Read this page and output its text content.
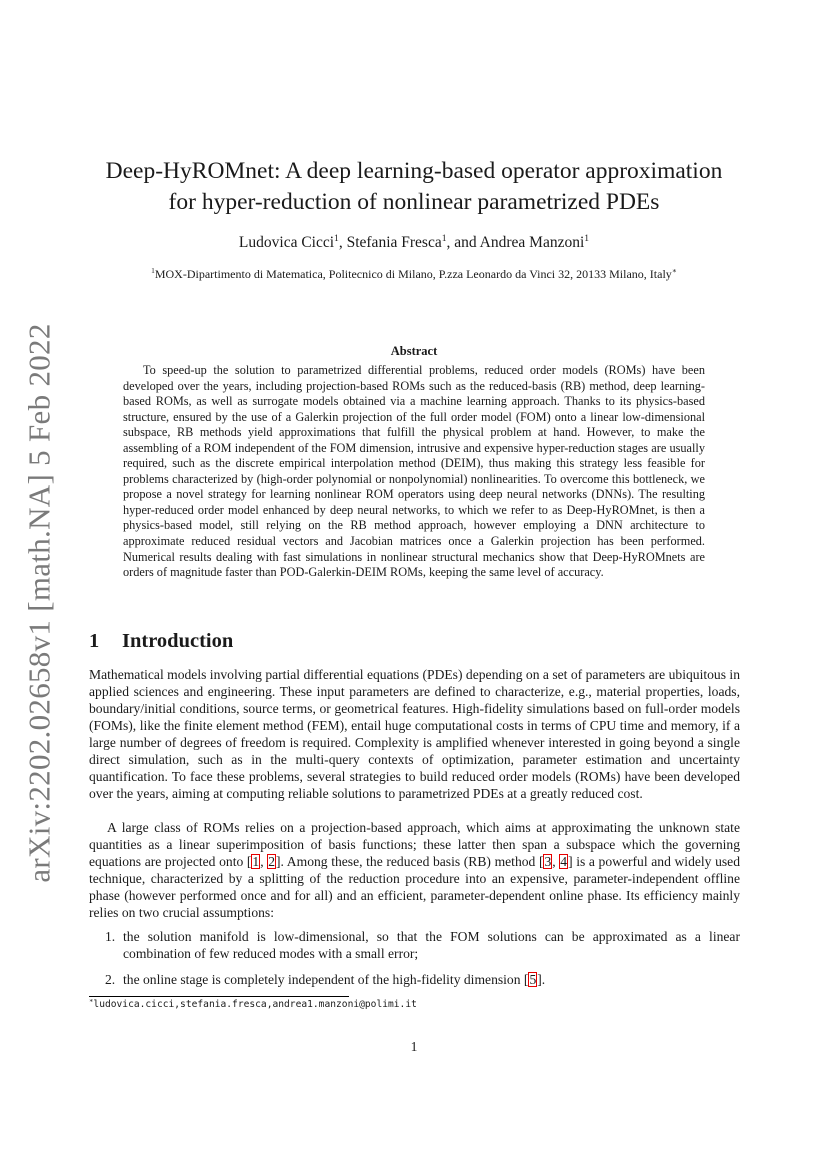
arXiv:2202.02658v1 [math.NA] 5 Feb 2022
Deep-HyROMnet: A deep learning-based operator approximation
for hyper-reduction of nonlinear parametrized PDEs
Ludovica Cicci$^1$, Stefania Fresca$^1$, and Andrea Manzoni$^1$
$^1$MOX-Dipartimento di Matematica, Politecnico di Milano, P.zza Leonardo da Vinci 32, 20133 Milano, Italy∗
Abstract

To speed-up the solution to parametrized differential problems, reduced order models (ROMs) have been developed over the years, including projection-based ROMs such as the reduced-basis (RB) method, deep learning-based ROMs, as well as surrogate models obtained via a machine learning approach. Thanks to its physics-based structure, ensured by the use of a Galerkin projection of the full order model (FOM) onto a linear low-dimensional subspace, RB methods yield approximations that fulfill the physical problem at hand. However, to make the assembling of a ROM independent of the FOM dimension, intrusive and expensive hyper-reduction stages are usually required, such as the discrete empirical interpolation method (DEIM), thus making this strategy less feasible for problems characterized by (high-order polynomial or nonpolynomial) nonlinearities. To overcome this bottleneck, we propose a novel strategy for learning nonlinear ROM operators using deep neural networks (DNNs). The resulting hyper-reduced order model enhanced by deep neural networks, to which we refer to as Deep-HyROMnet, is then a physics-based model, still relying on the RB method approach, however employing a DNN architecture to approximate reduced residual vectors and Jacobian matrices once a Galerkin projection has been performed. Numerical results dealing with fast simulations in nonlinear structural mechanics show that Deep-HyROMnets are orders of magnitude faster than POD-Galerkin-DEIM ROMs, keeping the same level of accuracy.

1 Introduction

Mathematical models involving partial differential equations (PDEs) depending on a set of parameters are ubiquitous in applied sciences and engineering. These input parameters are defined to characterize, e.g., material properties, loads, boundary/initial conditions, source terms, or geometrical features. High-fidelity simulations based on full-order models (FOMs), like the finite element method (FEM), entail huge computational costs in terms of CPU time and memory, if a large number of degrees of freedom is required. Complexity is amplified whenever interested in going beyond a single direct simulation, such as in the multi-query contexts of optimization, parameter estimation and uncertainty quantification. To face these problems, several strategies to build reduced order models (ROMs) have been developed over the years, aiming at computing reliable solutions to parametrized PDEs at a greatly reduced cost.

A large class of ROMs relies on a projection-based approach, which aims at approximating the unknown state quantities as a linear superimposition of basis functions; these latter then span a subspace which the governing equations are projected onto [1, 2]. Among these, the reduced basis (RB) method [3, 4] is a powerful and widely used technique, characterized by a splitting of the reduction procedure into an expensive, parameter-independent offline phase (however performed once and for all) and an efficient, parameter-dependent online phase. Its efficiency mainly relies on two crucial assumptions:

1. the solution manifold is low-dimensional, so that the FOM solutions can be approximated as a linear combination of few reduced modes with a small error;
2. the online stage is completely independent of the high-fidelity dimension [5].
∗ludovica.cicci,stefania.fresca,andrea1.manzoni@polimi.it
1
